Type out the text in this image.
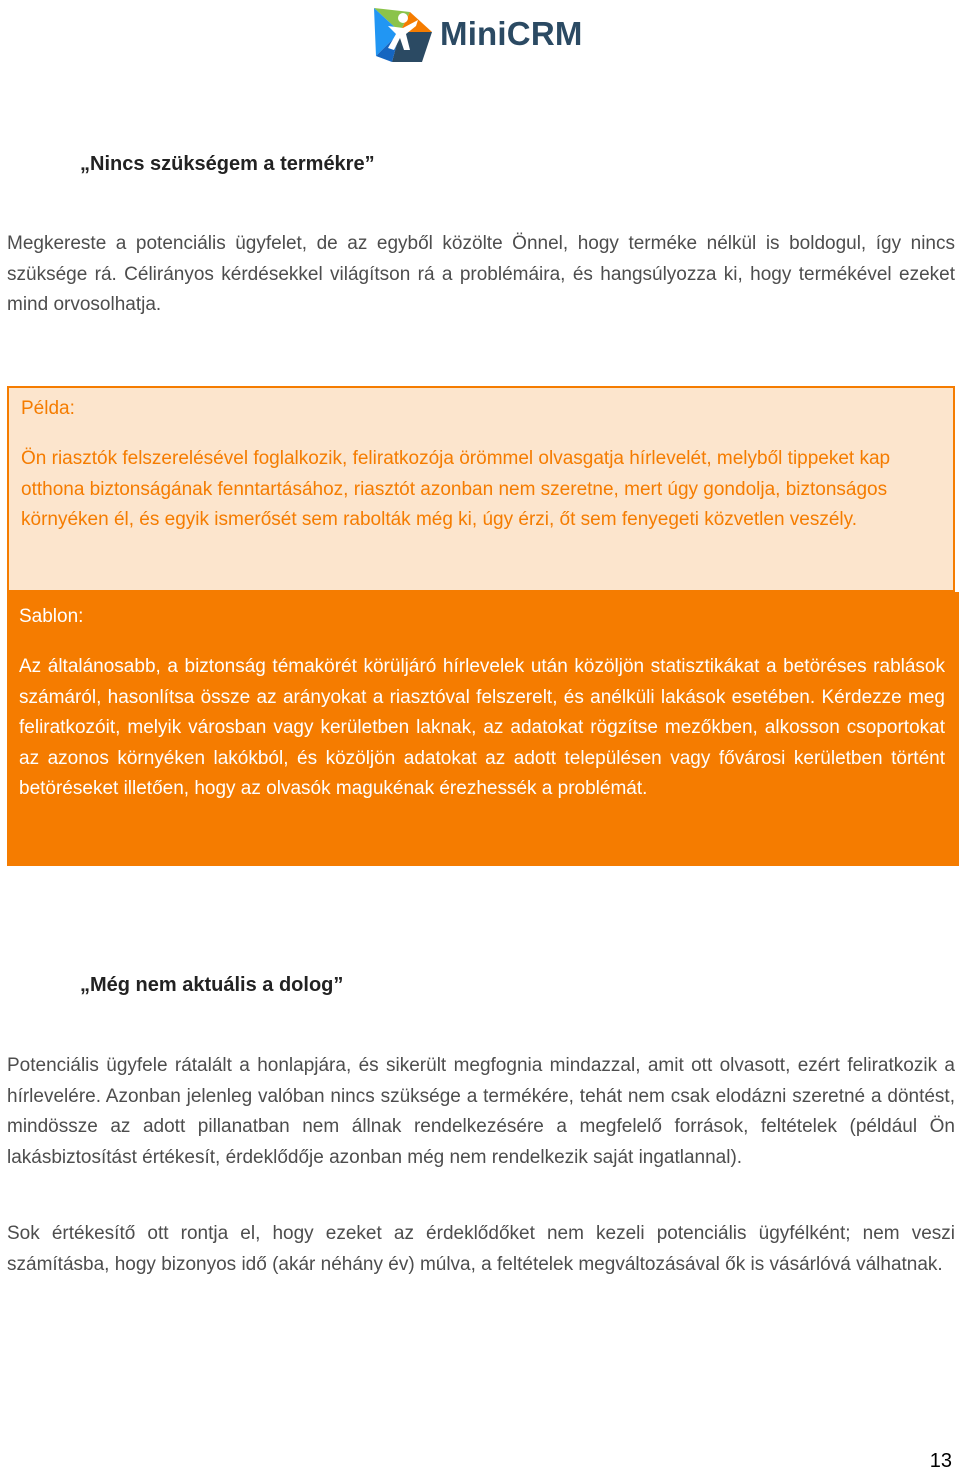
MiniCRM
„Nincs szükségem a termékre”

Megkereste a potenciális ügyfelet, de az egyből közölte Önnel, hogy terméke nélkül is boldogul, így nincs szüksége rá. Célirányos kérdésekkel világítson rá a problémáira, és hangsúlyozza ki, hogy termékével ezeket mind orvosolhatja.

Példa:

Ön riasztók felszerelésével foglalkozik, feliratkozója örömmel olvasgatja hírlevelét, melyből tippeket kap otthona biztonságának fenntartásához, riasztót azonban nem szeretne, mert úgy gondolja, biztonságos környéken él, és egyik ismerősét sem rabolták még ki, úgy érzi, őt sem fenyegeti közvetlen veszély.

Sablon:

Az általánosabb, a biztonság témakörét körüljáró hírlevelek után közöljön statisztikákat a betöréses rablások számáról, hasonlítsa össze az arányokat a riasztóval felszerelt, és anélküli lakások esetében. Kérdezze meg feliratkozóit, melyik városban vagy kerületben laknak, az adatokat rögzítse mezőkben, alkosson csoportokat az azonos környéken lakókból, és közöljön adatokat az adott településen vagy fővárosi kerületben történt betöréseket illetően, hogy az olvasók magukénak érezhessék a problémát.

„Még nem aktuális a dolog”

Potenciális ügyfele rátalált a honlapjára, és sikerült megfognia mindazzal, amit ott olvasott, ezért feliratkozik a hírlevelére. Azonban jelenleg valóban nincs szüksége a termékére, tehát nem csak elodázni szeretné a döntést, mindössze az adott pillanatban nem állnak rendelkezésére a megfelelő források, feltételek (például Ön lakásbiztosítást értékesít, érdeklődője azonban még nem rendelkezik saját ingatlannal).

Sok értékesítő ott rontja el, hogy ezeket az érdeklődőket nem kezeli potenciális ügyfélként; nem veszi számításba, hogy bizonyos idő (akár néhány év) múlva, a feltételek megváltozásával ők is vásárlóvá válhatnak.

13
